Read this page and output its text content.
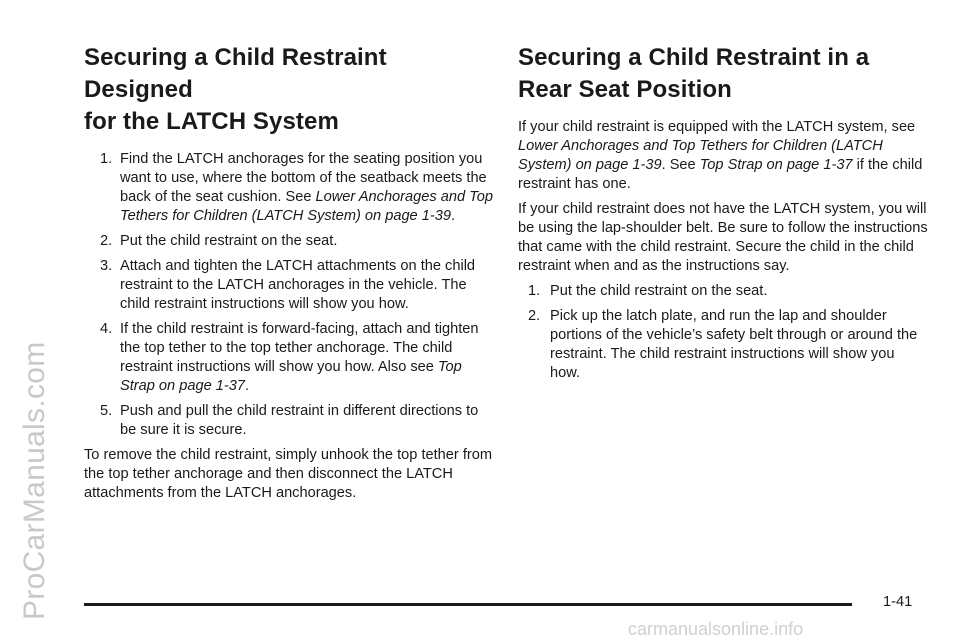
ProCarManuals.com
Securing a Child Restraint Designed
for the LATCH System
1. Find the LATCH anchorages for the seating position you want to use, where the bottom of the seatback meets the back of the seat cushion. See Lower Anchorages and Top Tethers for Children (LATCH System) on page 1-39.
2. Put the child restraint on the seat.
3. Attach and tighten the LATCH attachments on the child restraint to the LATCH anchorages in the vehicle. The child restraint instructions will show you how.
4. If the child restraint is forward-facing, attach and tighten the top tether to the top tether anchorage. The child restraint instructions will show you how. Also see Top Strap on page 1-37.
5. Push and pull the child restraint in different directions to be sure it is secure.

To remove the child restraint, simply unhook the top tether from the top tether anchorage and then disconnect the LATCH attachments from the LATCH anchorages.

Securing a Child Restraint in a
Rear Seat Position

If your child restraint is equipped with the LATCH system, see Lower Anchorages and Top Tethers for Children (LATCH System) on page 1-39. See Top Strap on page 1-37 if the child restraint has one.

If your child restraint does not have the LATCH system, you will be using the lap-shoulder belt. Be sure to follow the instructions that came with the child restraint. Secure the child in the child restraint when and as the instructions say.

1. Put the child restraint on the seat.
2. Pick up the latch plate, and run the lap and shoulder portions of the vehicle’s safety belt through or around the restraint. The child restraint instructions will show you how.
1-41
carmanualsonline.info
